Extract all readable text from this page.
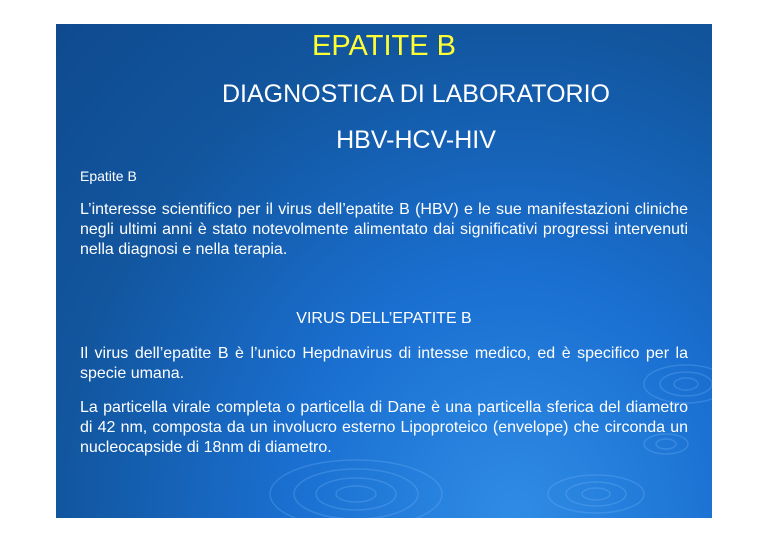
EPATITE B
DIAGNOSTICA DI LABORATORIO
HBV-HCV-HIV

Epatite B

L’interesse scientifico per il virus dell’epatite B (HBV) e le sue manifestazioni cliniche negli ultimi anni è stato notevolmente alimentato dai significativi progressi intervenuti nella diagnosi e nella terapia.

VIRUS DELL’EPATITE B

Il virus dell’epatite B è l’unico Hepdnavirus di intesse medico, ed è specifico per la specie umana.

La particella virale completa o particella di Dane è una particella sferica del diametro di 42 nm, composta da un involucro esterno Lipoproteico (envelope) che circonda un nucleocapside di 18nm di diametro.
